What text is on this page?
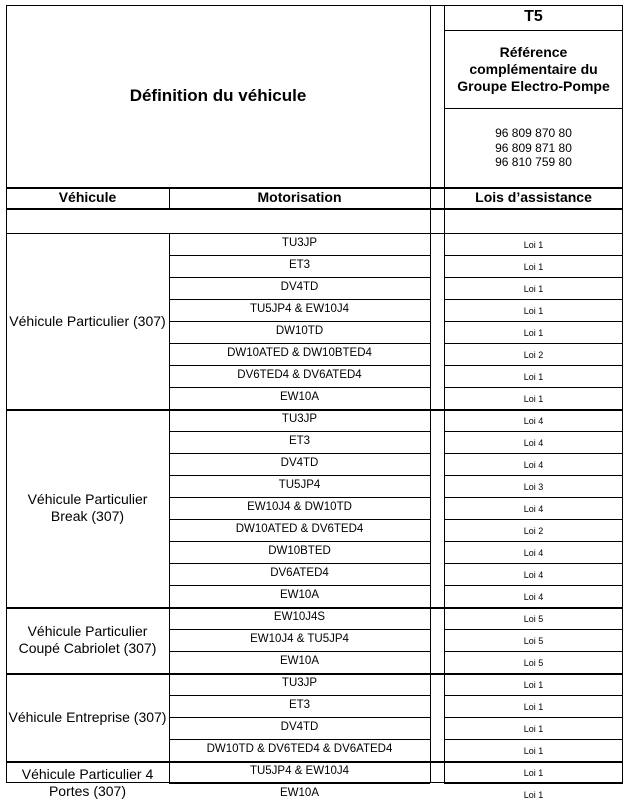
Définition du véhicule
T5
Référence complémentaire du Groupe Electro-Pompe
96 809 870 80
96 809 871 80
96 810 759 80
Véhicule	Motorisation	Lois d’assistance
Véhicule Particulier (307)
TU3JP	Loi 1
ET3	Loi 1
DV4TD	Loi 1
TU5JP4 & EW10J4	Loi 1
DW10TD	Loi 1
DW10ATED & DW10BTED4	Loi 2
DV6TED4 & DV6ATED4	Loi 1
EW10A	Loi 1
Véhicule Particulier Break (307)
TU3JP	Loi 4
ET3	Loi 4
DV4TD	Loi 4
TU5JP4	Loi 3
EW10J4 & DW10TD	Loi 4
DW10ATED & DV6TED4	Loi 2
DW10BTED	Loi 4
DV6ATED4	Loi 4
EW10A	Loi 4
Véhicule Particulier Coupé Cabriolet (307)
EW10J4S	Loi 5
EW10J4 & TU5JP4	Loi 5
EW10A	Loi 5
Véhicule Entreprise (307)
TU3JP	Loi 1
ET3	Loi 1
DV4TD	Loi 1
DW10TD & DV6TED4 & DV6ATED4	Loi 1
Véhicule Particulier 4 Portes (307)
TU5JP4 & EW10J4	Loi 1
EW10A	Loi 1
